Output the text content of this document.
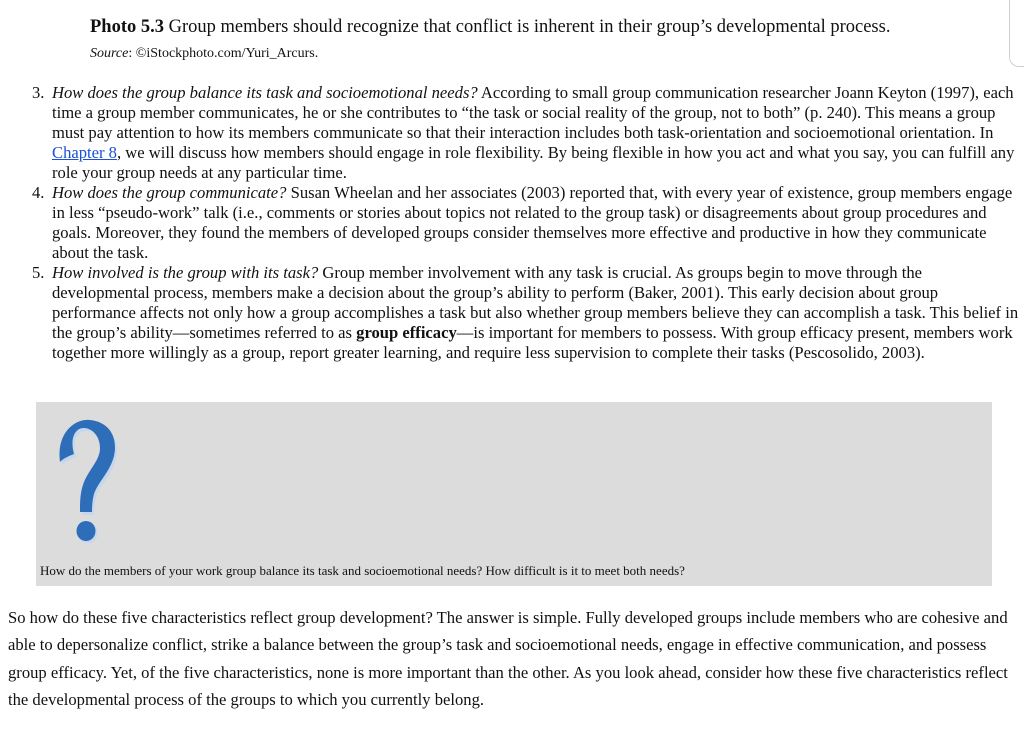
Photo 5.3 Group members should recognize that conflict is inherent in their group’s developmental process.
Source: ©iStockphoto.com/Yuri_Arcurs.
3. How does the group balance its task and socioemotional needs? According to small group communication researcher Joann Keyton (1997), each time a group member communicates, he or she contributes to “the task or social reality of the group, not to both” (p. 240). This means a group must pay attention to how its members communicate so that their interaction includes both task-orientation and socioemotional orientation. In Chapter 8, we will discuss how members should engage in role flexibility. By being flexible in how you act and what you say, you can fulfill any role your group needs at any particular time.
4. How does the group communicate? Susan Wheelan and her associates (2003) reported that, with every year of existence, group members engage in less “pseudo-work” talk (i.e., comments or stories about topics not related to the group task) or disagreements about group procedures and goals. Moreover, they found the members of developed groups consider themselves more effective and productive in how they communicate about the task.
5. How involved is the group with its task? Group member involvement with any task is crucial. As groups begin to move through the developmental process, members make a decision about the group’s ability to perform (Baker, 2001). This early decision about group performance affects not only how a group accomplishes a task but also whether group members believe they can accomplish a task. This belief in the group’s ability—sometimes referred to as group efficacy—is important for members to possess. With group efficacy present, members work together more willingly as a group, report greater learning, and require less supervision to complete their tasks (Pescosolido, 2003).
How do the members of your work group balance its task and socioemotional needs? How difficult is it to meet both needs?

So how do these five characteristics reflect group development? The answer is simple. Fully developed groups include members who are cohesive and able to depersonalize conflict, strike a balance between the group’s task and socioemotional needs, engage in effective communication, and possess group efficacy. Yet, of the five characteristics, none is more important than the other. As you look ahead, consider how these five characteristics reflect the developmental process of the groups to which you currently belong.
